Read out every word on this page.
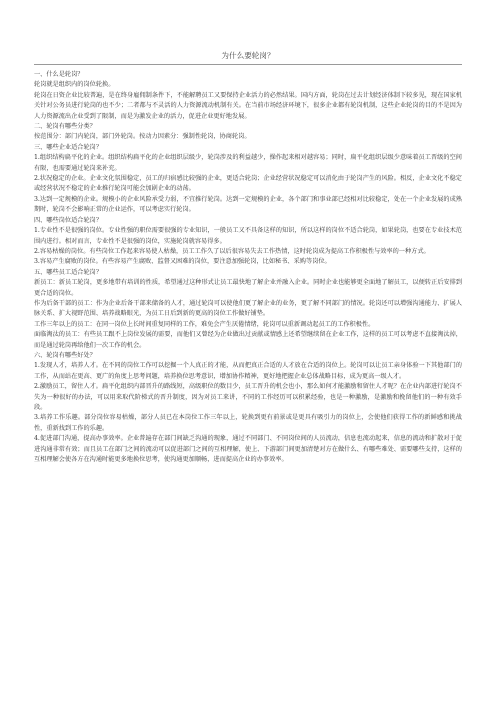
为什么要轮岗？

一、什么是轮岗？

轮岗就是组织内的岗位轮换。

轮岗在日资企业比较普遍，是在终身雇佣制条件下，不能解聘员工又要保持企业活力的必然结果。国内方面，轮岗在过去计划经济体制下较多见，现在国家机关针对公务员进行轮岗的也不少；二者都与不灵活的人力资源流动机制有关。在当前市场经济环境下，很多企业都有轮岗机制，这些企业轮岗的目的不是因为人力资源流出企业受到了限制，而是为激发企业的活力，促进企业更好地发展。

二、轮岗有哪些分类？

按范围分：部门内轮岗，部门外轮岗。按动力因素分：强制性轮岗，协商轮岗。

三、哪些企业适合轮岗？

1.组织结构扁平化的企业。组织结构扁平化的企业组织层级少，轮岗涉及的利益越少，操作起来相对越容易；同时，扁平化组织层级少意味着员工晋级的空间有限，也需要通过轮岗来补充。

2.状况稳定的企业。企业文化氛围稳定，员工的归宿感比较强的企业，更适合轮岗；企业经营状况稳定可以消化由于轮岗产生的风险。相反，企业文化不稳定或经营状况不稳定的企业推行轮岗可能会加剧企业的动荡。

3.达到一定规模的企业。规模小的企业风险承受力弱，不宜推行轮岗。达到一定规模的企业，各个部门和事业部已经相对比较稳定，处在一个企业发展的成熟期时，轮岗不会影响正常的企业运作，可以考虑实行轮岗。

四、哪些岗位适合轮岗？

1.专业性不是很强的岗位。专业性强的职位需要很强的专业知识，一般员工又不具备这样的知识，所以这样的岗位不适合轮岗，如果轮岗，也要在专业技术范围内进行。相对而言，专业性不是很强的岗位，实施轮岗就容易得多。

2.容易枯燥的岗位。有些岗位工作起来容易使人枯燥，员工工作久了以后很容易失去工作热情，这时轮岗成为提高工作积极性与效率的一种方式。

3.容易产生腐败的岗位。有些容易产生腐败、监督又困难的岗位，要注意加强轮岗，比如秘书、采购等岗位。

五、哪些员工适合轮岗？

新员工：新员工轮岗，更多地带有培训的性质，希望通过这种形式让员工最快地了解企业并融入企业。同时企业也能够更全面地了解员工，以便转正后安排到更合适的岗位。

作为后备干部的员工：作为企业后备干部来储备的人才，通过轮岗可以使他们更了解企业的业务，更了解不同部门的情况。轮岗还可以增强沟通能力、扩展人脉关系、扩大视野范围、培养战略眼光，为员工日后到新的更高的岗位工作做好铺垫。

工作三年以上的员工：在同一岗位上长时间重复同样的工作，难免会产生厌倦情绪，轮岗可以重新调动起员工的工作积极性。

面临淘汰的员工：有些员工跟不上岗位发展的需要，而他们又曾经为企业做出过贡献或情感上还希望继续留在企业工作，这样的员工可以考虑不直接淘汰掉，而是通过轮岗再给他们一次工作的机会。

六、轮岗有哪些好处？

1.发现人才，培养人才。在不同的岗位工作可以挖掘一个人真正的才能，从而把真正合适的人才放在合适的岗位上。轮岗可以让员工亲身体验一下其他部门的工作，从而站在更高、更广的角度上思考问题，培养换位思考意识，增加协作精神，更好地把握企业总体战略目标，成为更高一级人才。

2.激励员工，留住人才。扁平化组织内部晋升的路线短，高级职位的数目少，员工晋升的机会也小，那么如何才能激励和留住人才呢？在企业内部进行轮岗不失为一种很好的办法，可以用来取代阶梯式的晋升制度，因为对员工来讲，不同的工作经历可以积累经验，也是一种激励，是激励和挽留他们的一种有效手段。

3.培养工作乐趣。部分岗位容易枯燥，部分人员已在本岗位工作三年以上，轮换到更有前景或是更具有吸引力的岗位上，会使他们获得工作的新鲜感和挑战性，重新找到工作的乐趣。

4.促进部门沟通，提高办事效率。企业普遍存在部门间缺乏沟通的现象，通过不同部门、不同岗位间的人员流动，信息也流动起来，信息的流动和扩散对于促进沟通非常有效；而且员工在部门之间的流动可以促进部门之间的互相理解，使上、下游部门间更加清楚对方在做什么、有哪些难处、需要哪些支持，这样的互相理解会使各方在沟通时能更多地换位思考，使沟通更加顺畅，进而提高企业的办事效率。
